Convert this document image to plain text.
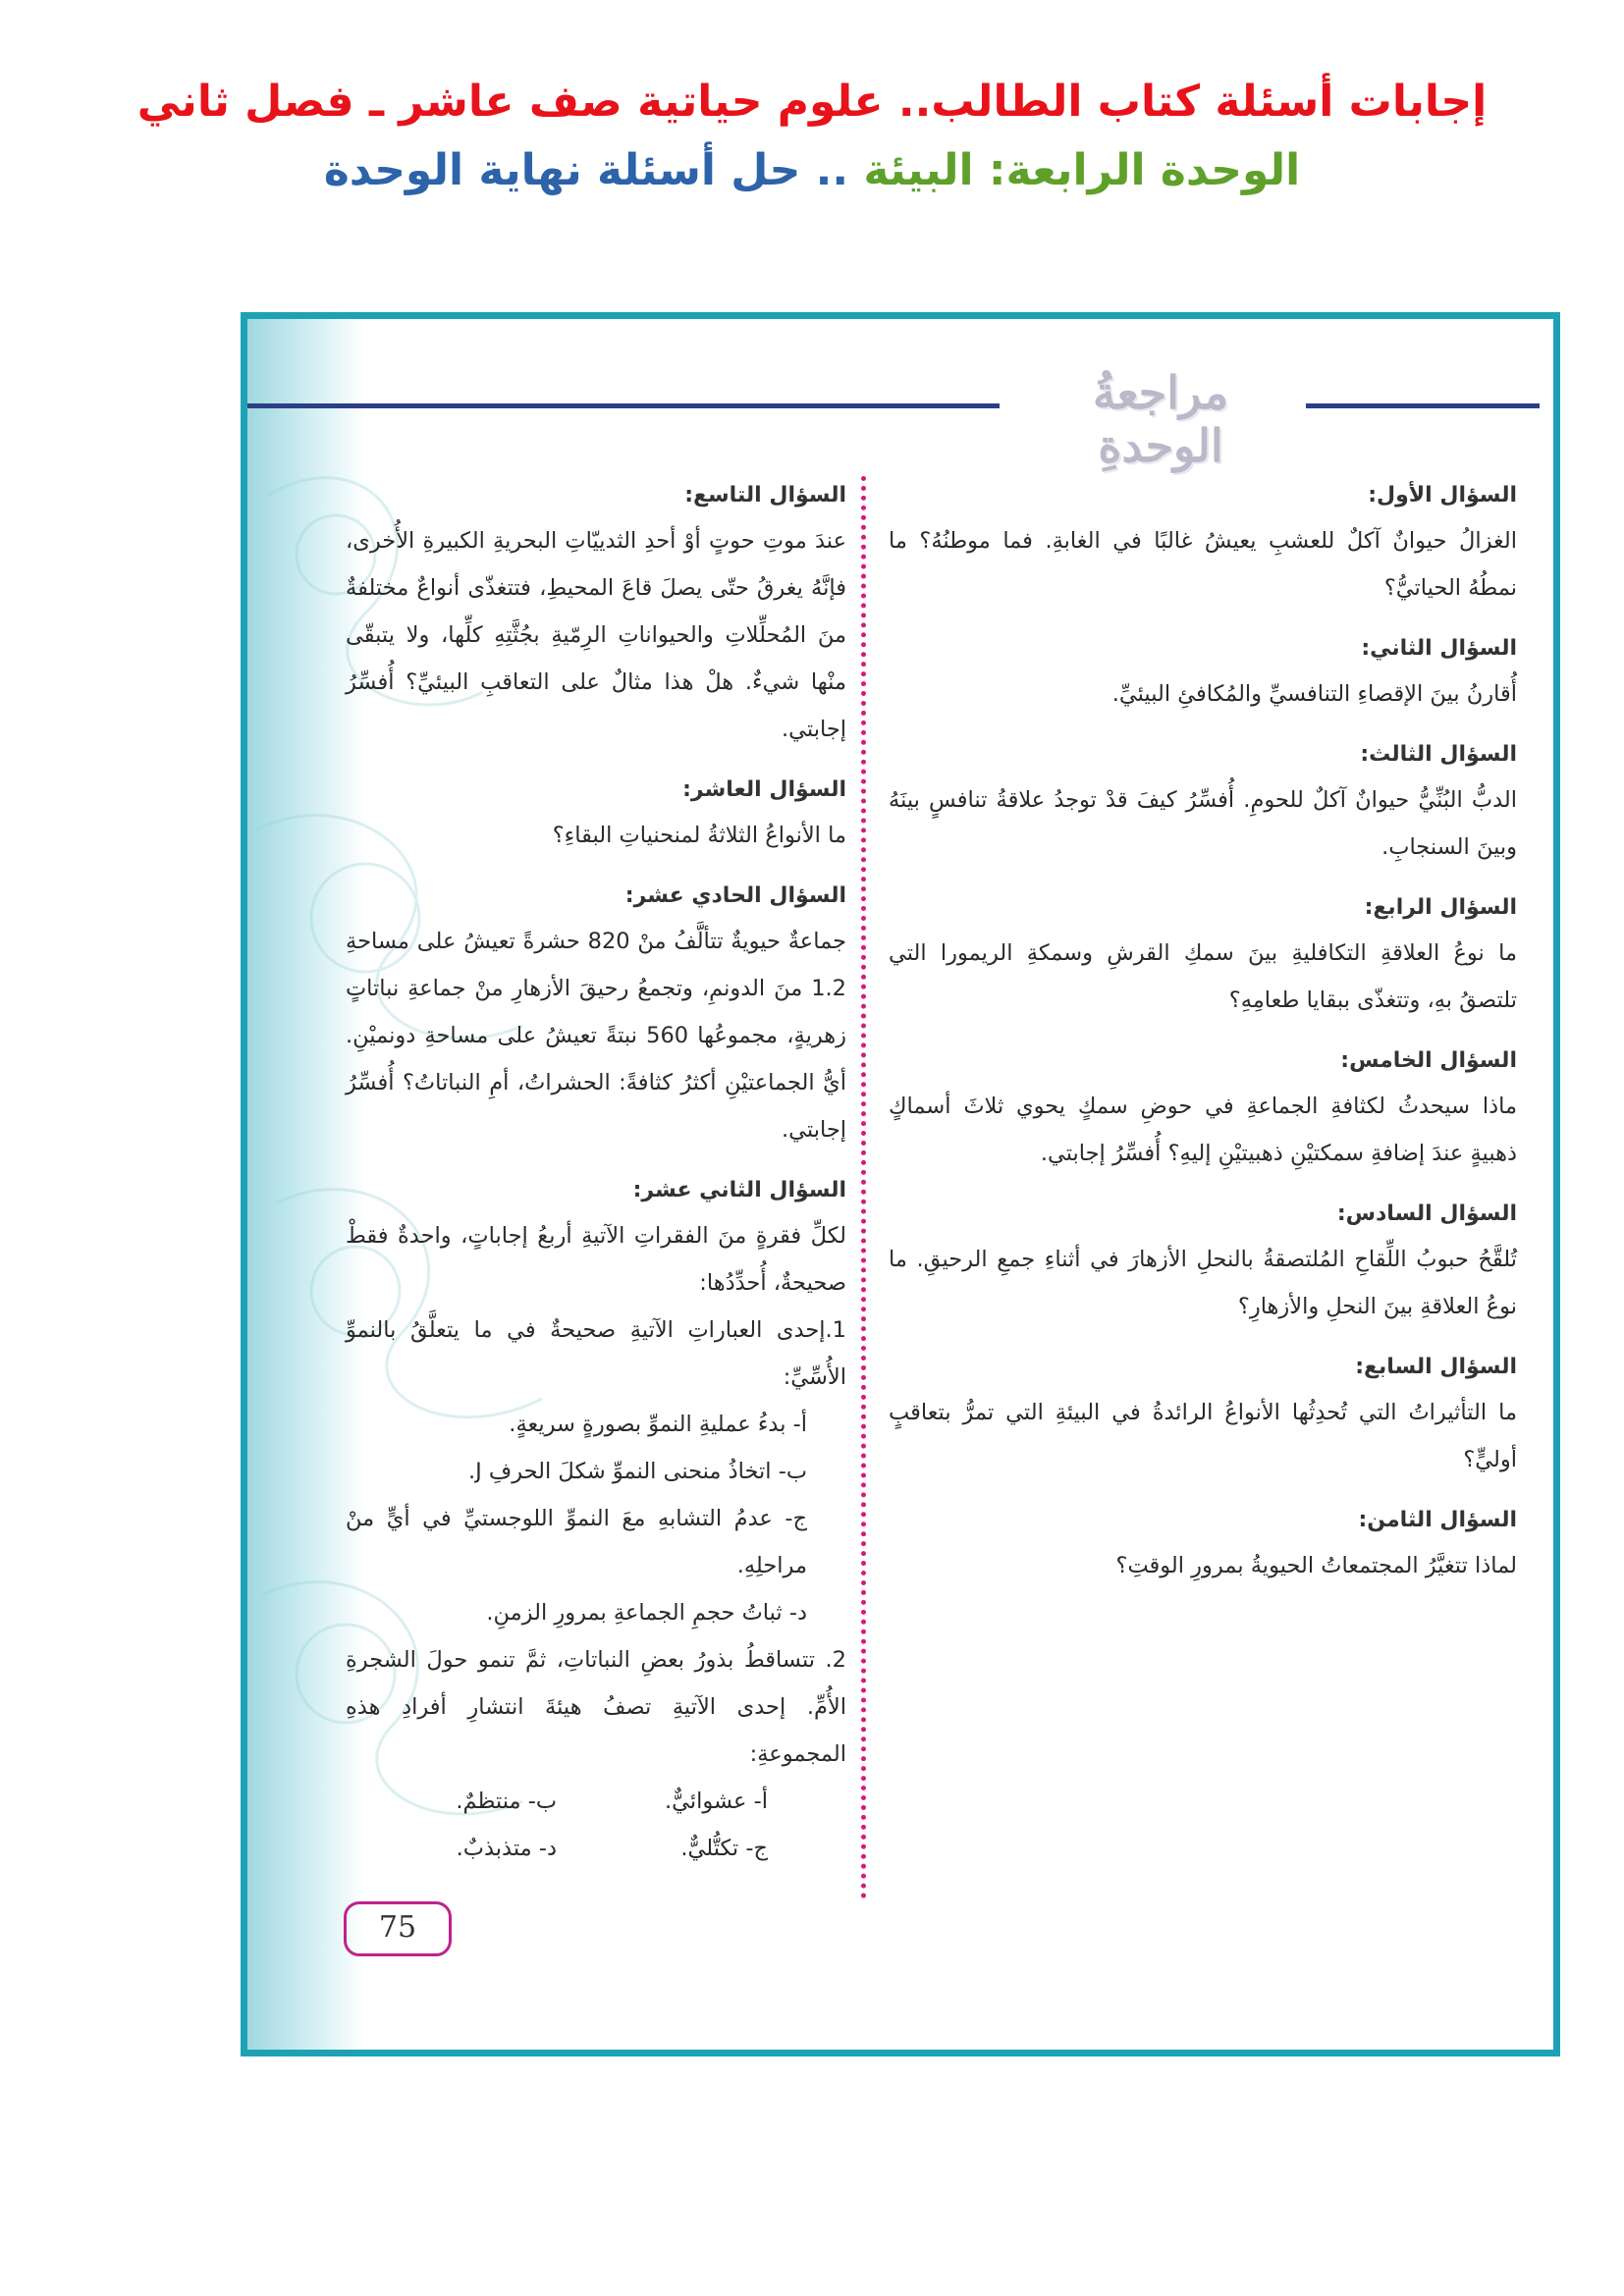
إجابات أسئلة كتاب الطالب.. علوم حياتية صف عاشر ـ فصل ثاني
الوحدة الرابعة: البيئة .. حل أسئلة نهاية الوحدة
مراجعةُ الوحدةِ
السؤال الأول:

الغزالُ حيوانٌ آكلٌ للعشبِ يعيشُ غالبًا في الغابةِ. فما موطنُهُ؟ ما نمطُهُ الحياتيُّ؟

السؤال الثاني:

أُقارنُ بينَ الإقصاءِ التنافسيِّ والمُكافئِ البيئيِّ.

السؤال الثالث:

الدبُّ البُنِّيُّ حيوانٌ آكلٌ للحومِ. أُفسِّرُ كيفَ قدْ توجدُ علاقةُ تنافسٍ بينَهُ وبينَ السنجابِ.

السؤال الرابع:

ما نوعُ العلاقةِ التكافليةِ بينَ سمكِ القرشِ وسمكةِ الريمورا التي تلتصقُ بهِ، وتتغذّى ببقايا طعامِهِ؟

السؤال الخامس:

ماذا سيحدثُ لكثافةِ الجماعةِ في حوضِ سمكٍ يحوي ثلاثَ أسماكٍ ذهبيةٍ عندَ إضافةِ سمكتيْنِ ذهبيتيْنِ إليهِ؟ أُفسِّرُ إجابتي.

السؤال السادس:

تُلقَّحُ حبوبُ اللِّقاحِ المُلتصقةُ بالنحلِ الأزهارَ في أثناءِ جمعِ الرحيقِ. ما نوعُ العلاقةِ بينَ النحلِ والأزهارِ؟

السؤال السابع:

ما التأثيراتُ التي تُحدِثُها الأنواعُ الرائدةُ في البيئةِ التي تمرُّ بتعاقبٍ أوليٍّ؟

السؤال الثامن:

لماذا تتغيَّرُ المجتمعاتُ الحيويةُ بمرورِ الوقتِ؟

السؤال التاسع:

عندَ موتِ حوتٍ أوْ أحدِ الثدييّاتِ البحريةِ الكبيرةِ الأُخرى، فإنَّهُ يغرقُ حتّى يصلَ قاعَ المحيطِ، فتتغذّى أنواعٌ مختلفةٌ منَ المُحلِّلاتِ والحيواناتِ الرِمّيةِ بجُثَّتِهِ كلِّها، ولا يتبقّى منْها شيءٌ. هلْ هذا مثالٌ على التعاقبِ البيئيِّ؟ أُفسِّرُ إجابتي.

السؤال العاشر:

ما الأنواعُ الثلاثةُ لمنحنياتِ البقاءِ؟

السؤال الحادي عشر:

جماعةٌ حيويةٌ تتألَّفُ منْ 820 حشرةً تعيشُ على مساحةِ 1.2 منَ الدونمِ، وتجمعُ رحيقَ الأزهارِ منْ جماعةِ نباتاتٍ زهريةٍ، مجموعُها 560 نبتةً تعيشُ على مساحةِ دونميْنِ. أيُّ الجماعتيْنِ أكثرُ كثافةً: الحشراتُ، أمِ النباتاتُ؟ أُفسِّرُ إجابتي.

السؤال الثاني عشر:

لكلِّ فقرةٍ منَ الفقراتِ الآتيةِ أربعُ إجاباتٍ، واحدةٌ فقطْ صحيحةٌ، أُحدِّدُها:

1.إحدى العباراتِ الآتيةِ صحيحةٌ في ما يتعلَّقُ بالنموِّ الأُسِّيِّ:

أ- بدءُ عمليةِ النموِّ بصورةٍ سريعةٍ.
ب- اتخاذُ منحنى النموِّ شكلَ الحرفِ J.
ج- عدمُ التشابهِ معَ النموِّ اللوجستيِّ في أيٍّ منْ مراحلِهِ.
د- ثباتُ حجمِ الجماعةِ بمرورِ الزمنِ.

2. تتساقطُ بذورُ بعضِ النباتاتِ، ثمَّ تنمو حولَ الشجرةِ الأُمِّ. إحدى الآتيةِ تصفُ هيئةَ انتشارِ أفرادِ هذهِ المجموعةِ:

أ- عشوائيٌّ.
ب- منتظمٌ.
ج- تكتُّليٌّ.
د- متذبذبٌ.
75
